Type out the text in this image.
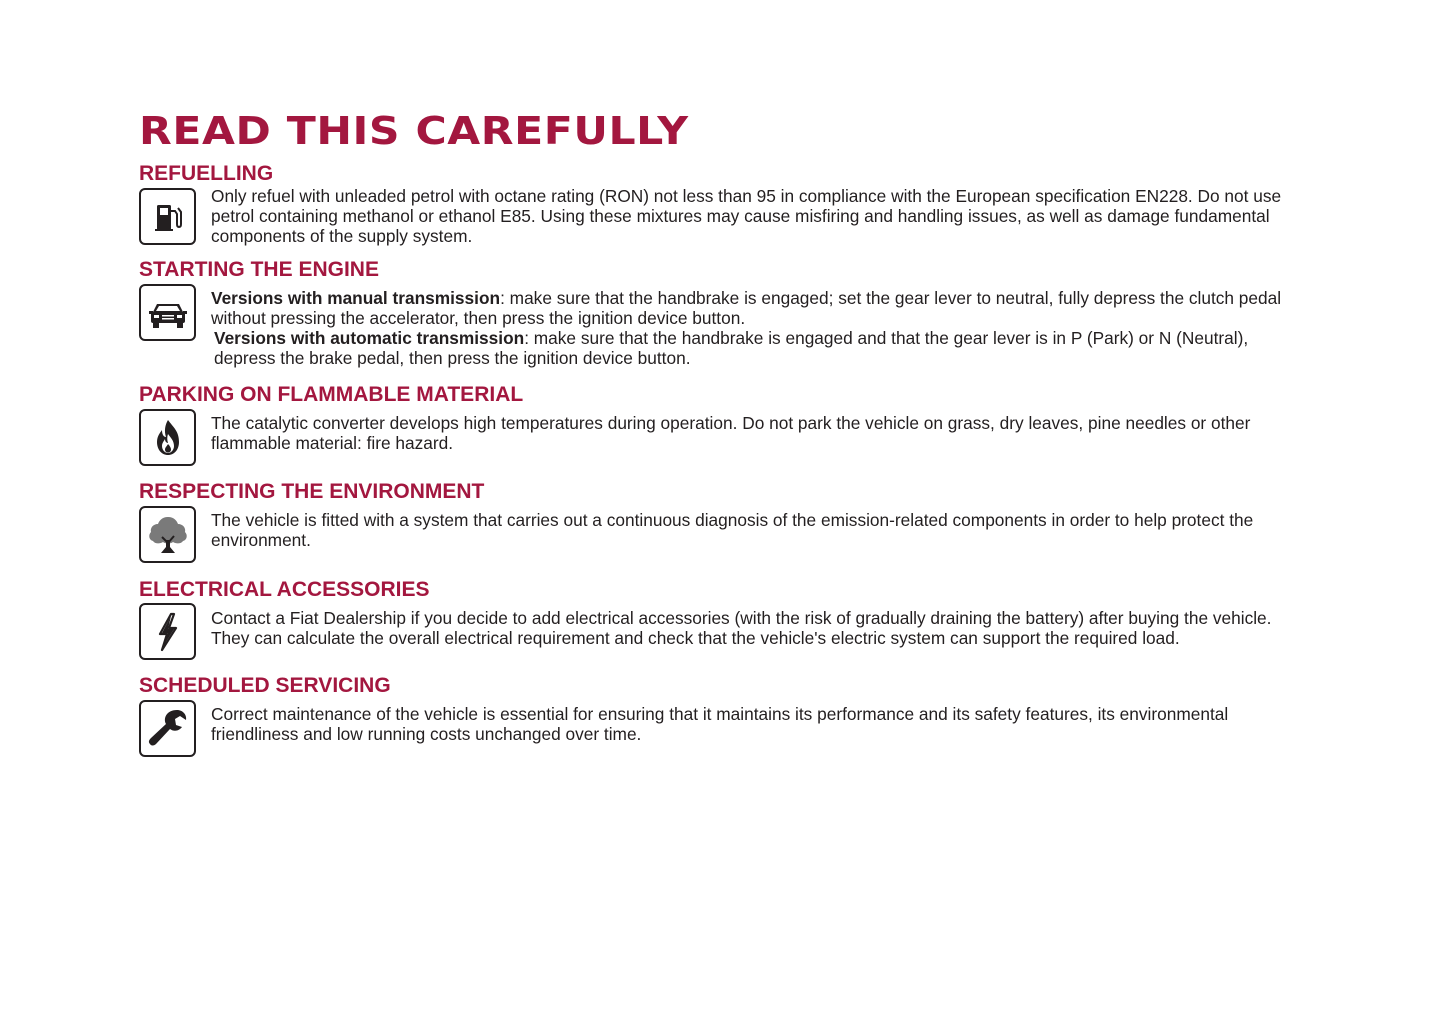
READ THIS CAREFULLY
REFUELLING

Only refuel with unleaded petrol with octane rating (RON) not less than 95 in compliance with the European specification EN228. Do not use petrol containing methanol or ethanol E85. Using these mixtures may cause misfiring and handling issues, as well as damage fundamental components of the supply system.

STARTING THE ENGINE

Versions with manual transmission: make sure that the handbrake is engaged; set the gear lever to neutral, fully depress the clutch pedal without pressing the accelerator, then press the ignition device button.

Versions with automatic transmission: make sure that the handbrake is engaged and that the gear lever is in P (Park) or N (Neutral), depress the brake pedal, then press the ignition device button.

PARKING ON FLAMMABLE MATERIAL

The catalytic converter develops high temperatures during operation. Do not park the vehicle on grass, dry leaves, pine needles or other flammable material: fire hazard.

RESPECTING THE ENVIRONMENT

The vehicle is fitted with a system that carries out a continuous diagnosis of the emission-related components in order to help protect the environment.

ELECTRICAL ACCESSORIES

Contact a Fiat Dealership if you decide to add electrical accessories (with the risk of gradually draining the battery) after buying the vehicle. They can calculate the overall electrical requirement and check that the vehicle's electric system can support the required load.

SCHEDULED SERVICING

Correct maintenance of the vehicle is essential for ensuring that it maintains its performance and its safety features, its environmental friendliness and low running costs unchanged over time.
